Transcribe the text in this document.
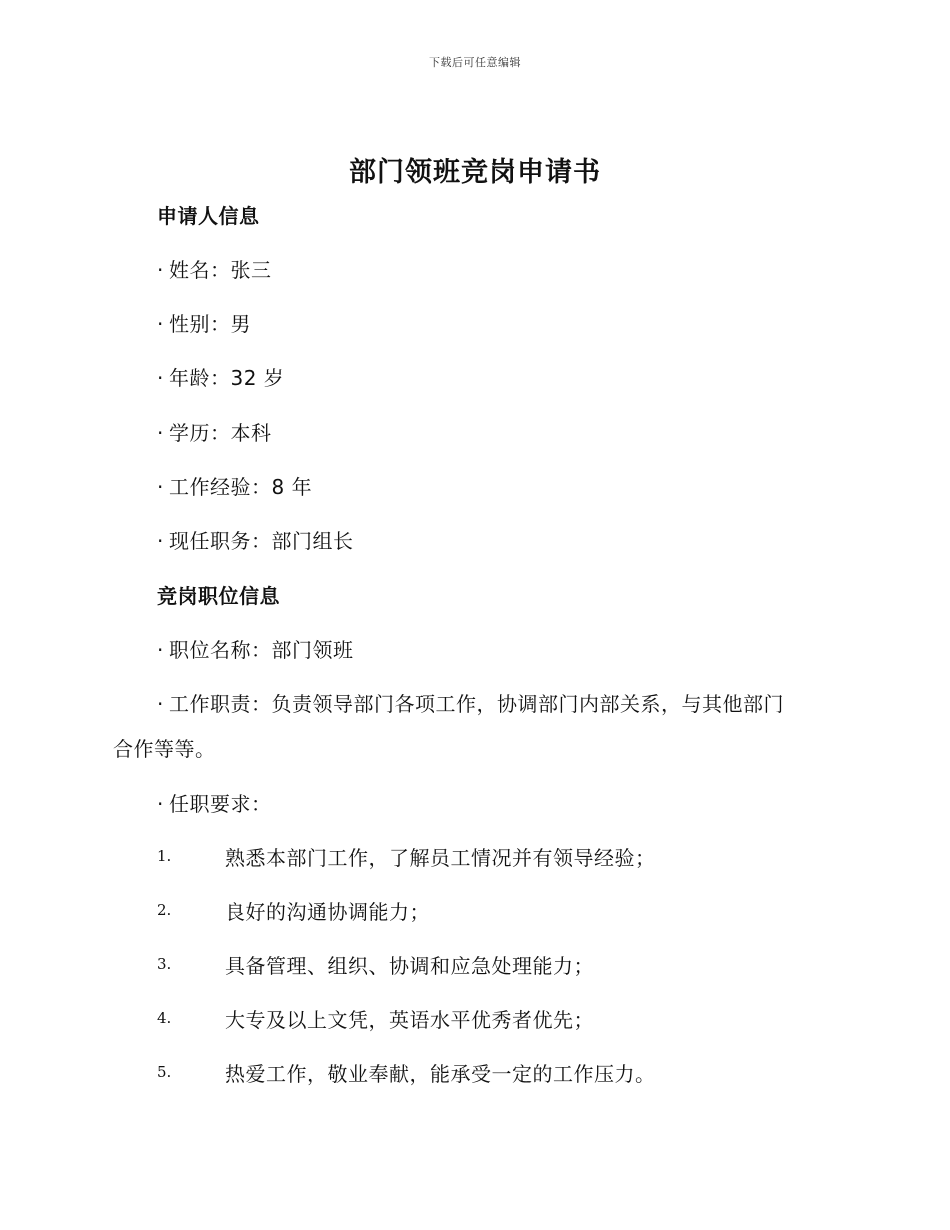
下载后可任意编辑
部门领班竞岗申请书
申请人信息
· 姓名：张三
· 性别：男
· 年龄：32 岁
· 学历：本科
· 工作经验：8 年
· 现任职务：部门组长
竞岗职位信息
· 职位名称：部门领班
· 工作职责：负责领导部门各项工作，协调部门内部关系，与其他部门
合作等等。
· 任职要求：
1.	熟悉本部门工作，了解员工情况并有领导经验；
2.	良好的沟通协调能力；
3.	具备管理、组织、协调和应急处理能力；
4.	大专及以上文凭，英语水平优秀者优先；
5.	热爱工作，敬业奉献，能承受一定的工作压力。
